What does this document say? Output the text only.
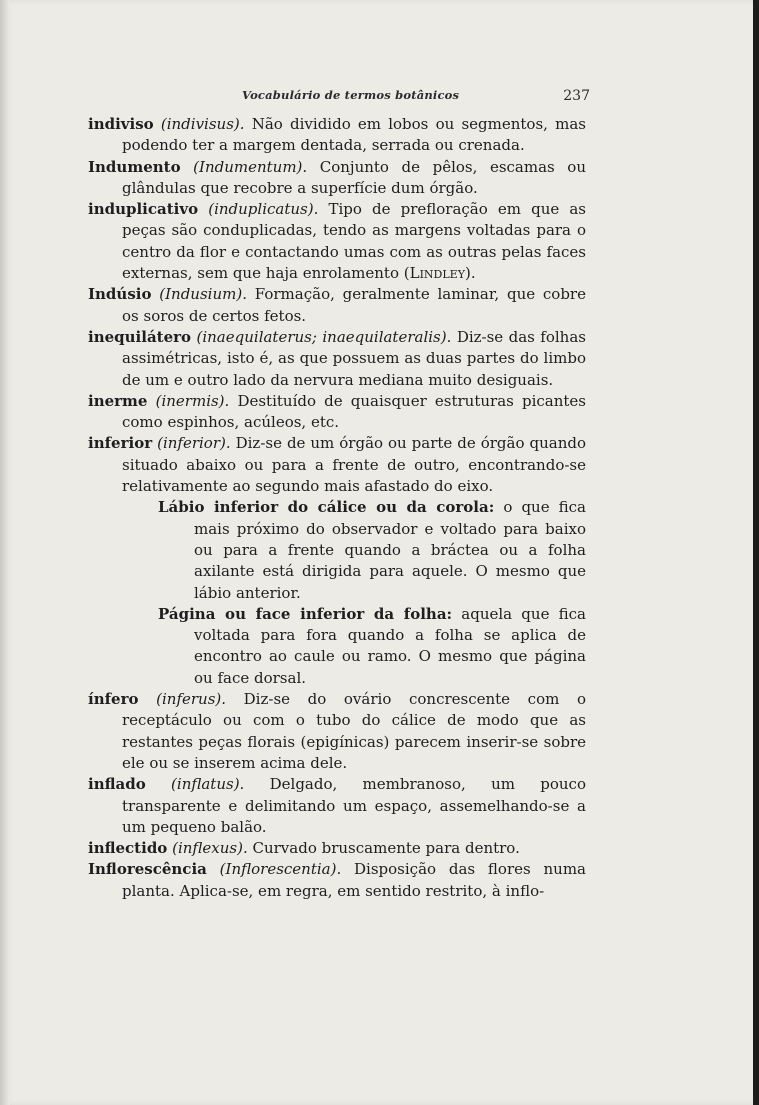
Vocabulário de termos botânicos	237

indiviso (indivisus). Não dividido em lobos ou segmentos, mas podendo ter a margem dentada, serrada ou crenada.

Indumento (Indumentum). Conjunto de pêlos, escamas ou glândulas que recobre a superfície dum órgão.

induplicativo (induplicatus). Tipo de prefloração em que as peças são conduplicadas, tendo as margens voltadas para o centro da flor e contactando umas com as outras pelas faces externas, sem que haja enrolamento (Lindley).

Indúsio (Indusium). Formação, geralmente laminar, que cobre os soros de certos fetos.

inequilátero (inaequilaterus; inaequilateralis). Diz-se das folhas assimétricas, isto é, as que possuem as duas partes do limbo de um e outro lado da nervura mediana muito desiguais.

inerme (inermis). Destituído de quaisquer estruturas picantes como espinhos, acúleos, etc.

inferior (inferior). Diz-se de um órgão ou parte de órgão quando situado abaixo ou para a frente de outro, encontrando-se relativamente ao segundo mais afastado do eixo.

Lábio inferior do cálice ou da corola: o que fica mais próximo do observador e voltado para baixo ou para a frente quando a bráctea ou a folha axilante está dirigida para aquele. O mesmo que lábio anterior.

Página ou face inferior da folha: aquela que fica voltada para fora quando a folha se aplica de encontro ao caule ou ramo. O mesmo que página ou face dorsal.

ínfero (inferus). Diz-se do ovário concrescente com o receptáculo ou com o tubo do cálice de modo que as restantes peças florais (epigínicas) parecem inserir-se sobre ele ou se inserem acima dele.

inflado (inflatus). Delgado, membranoso, um pouco transparente e delimitando um espaço, assemelhando-se a um pequeno balão.

inflectido (inflexus). Curvado bruscamente para dentro.

Inflorescência (Inflorescentia). Disposição das flores numa planta. Aplica-se, em regra, em sentido restrito, à inflo-
